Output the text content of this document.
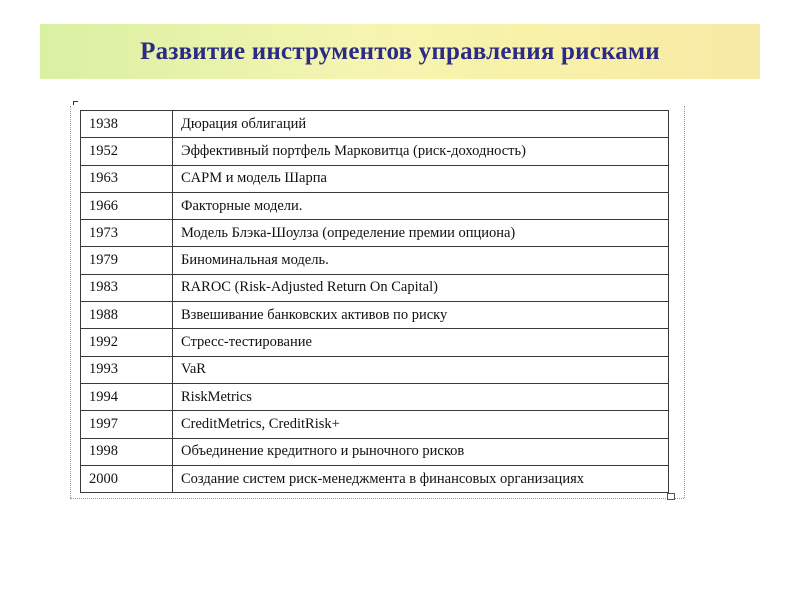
Развитие инструментов управления рисками
1938	Дюрация облигаций
1952	Эффективный портфель Марковитца (риск-доходность)
1963	CAPM и модель Шарпа
1966	Факторные модели.
1973	Модель Блэка-Шоулза (определение премии опциона)
1979	Биноминальная модель.
1983	RAROC (Risk-Adjusted Return On Capital)
1988	Взвешивание банковских активов по риску
1992	Стресс-тестирование
1993	VaR
1994	RiskMetrics
1997	CreditMetrics, CreditRisk+
1998	Объединение кредитного и рыночного рисков
2000	Создание систем риск-менеджмента в финансовых организациях
